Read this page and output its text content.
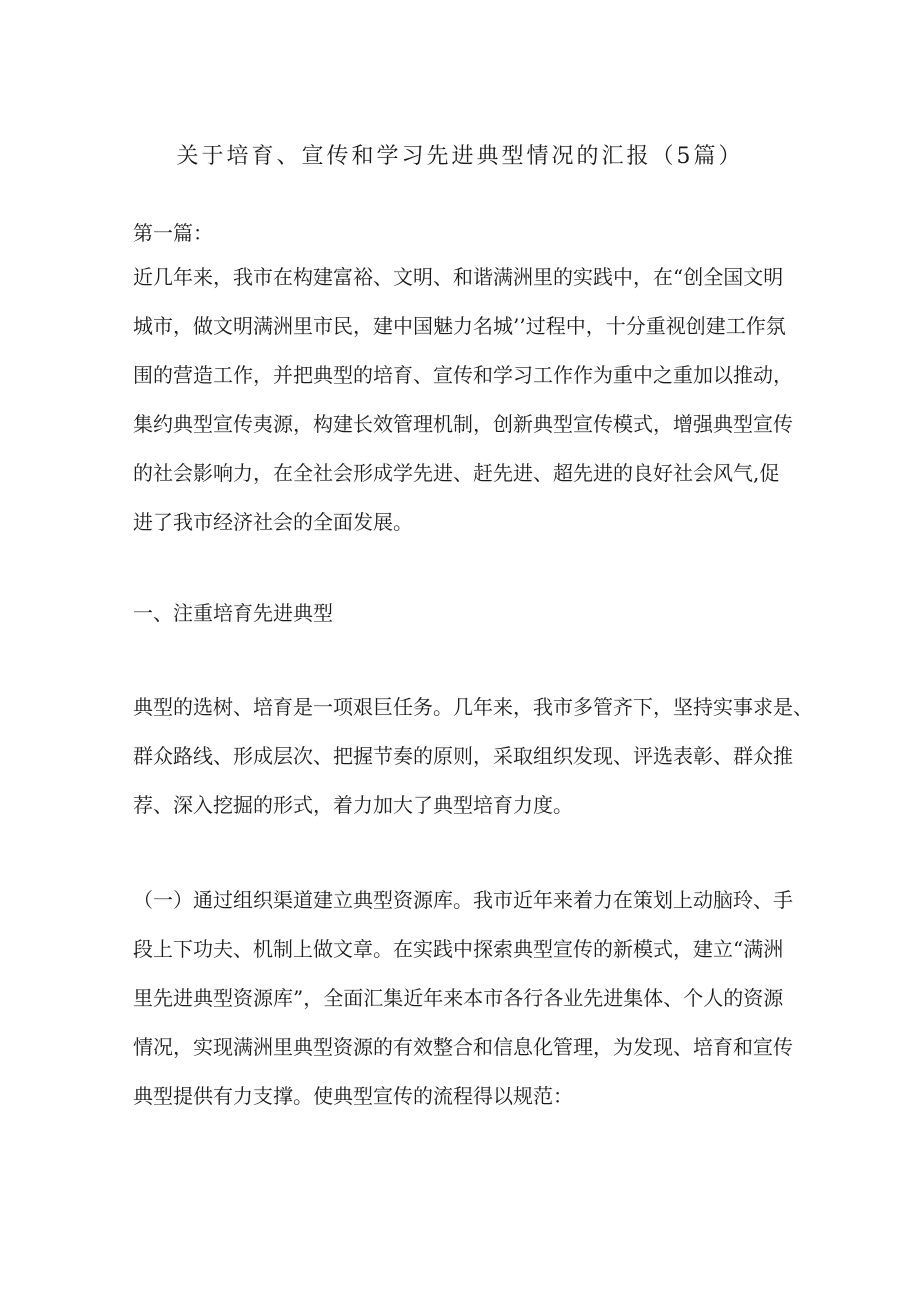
关于培育、宣传和学习先进典型情况的汇报（5篇）
第一篇：
近几年来，我市在构建富裕、文明、和谐满洲里的实践中，在“创全国文明
城市，做文明满洲里市民，建中国魅力名城’’过程中，十分重视创建工作氛
围的营造工作，并把典型的培育、宣传和学习工作作为重中之重加以推动，
集约典型宣传夷源，构建长效管理机制，创新典型宣传模式，增强典型宣传
的社会影响力，在全社会形成学先进、赶先进、超先进的良好社会风气,促
进了我市经济社会的全面发展。
一、注重培育先进典型
典型的选树、培育是一项艰巨任务。几年来，我市多管齐下，坚持实事求是、
群众路线、形成层次、把握节奏的原则，采取组织发现、评选表彰、群众推
荐、深入挖掘的形式，着力加大了典型培育力度。
（一）通过组织渠道建立典型资源库。我市近年来着力在策划上动脑玲、手
段上下功夫、机制上做文章。在实践中探索典型宣传的新模式，建立“满洲
里先进典型资源库”，全面汇集近年来本市各行各业先进集体、个人的资源
情况，实现满洲里典型资源的有效整合和信息化管理，为发现、培育和宣传
典型提供有力支撑。使典型宣传的流程得以规范：
